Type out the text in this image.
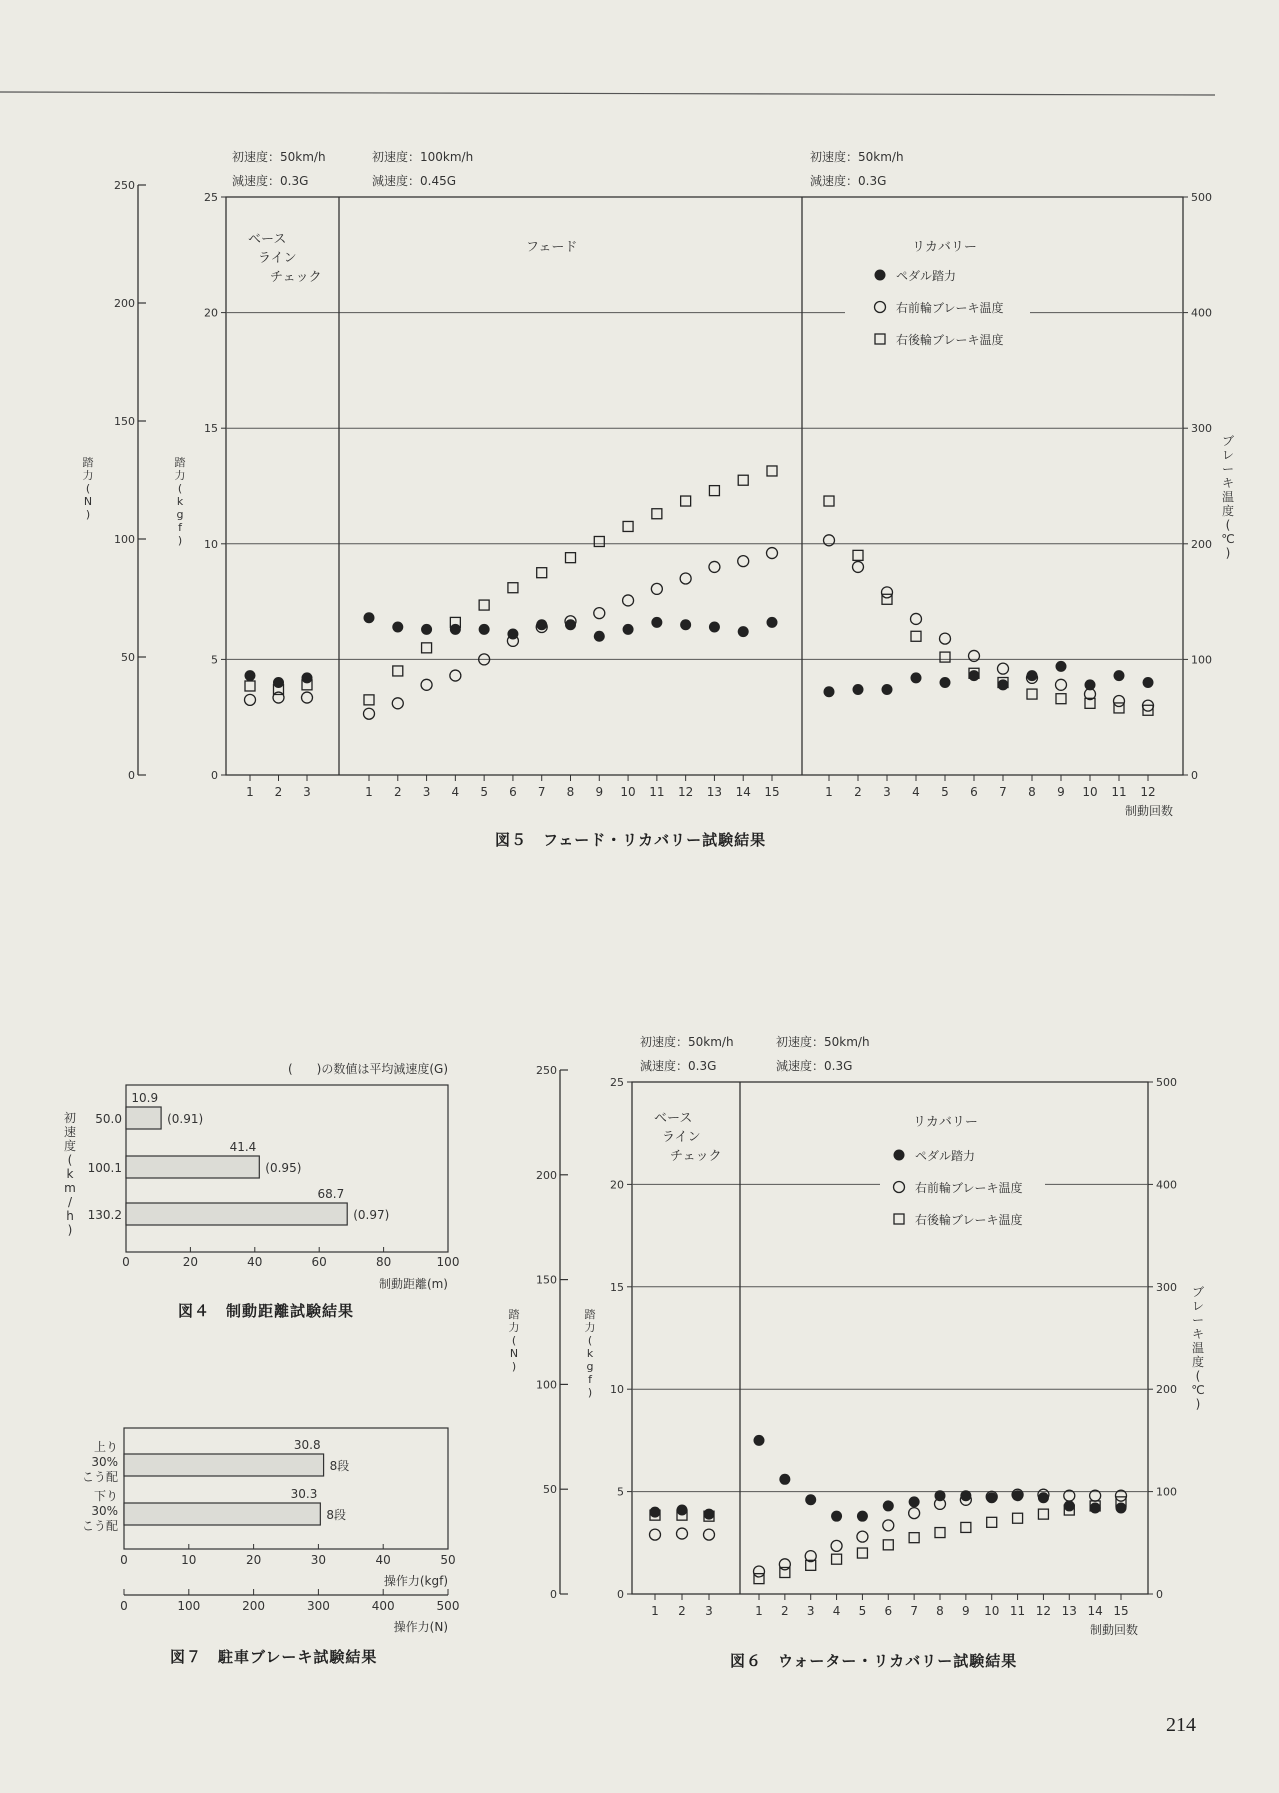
0
5
10
15
20
25
0
50
100
150
200
250
0
100
200
300
400
500
踏
力
(
N
)
踏
力
(
k
g
f
)
ブ
レ
ー
キ
温
度
(
℃
)
制動回数
初速度：50km/h
減速度：0.3G
初速度：100km/h
減速度：0.45G
初速度：50km/h
減速度：0.3G
ベース
ライン
チェック
フェード	リカバリー
ペダル踏力
右前輪ブレーキ温度
右後輪ブレーキ温度
1 2 3	1 2 3 4 5 6 7 8 9 10 11 12 13 14 15	1 2 3 4 5 6 7 8 9 10 11 12
0
5
10
15
20
25
0
50
100
150
200
250
0
100
200
300
400
500
踏
力
(
N
)
踏
力
(
k
g
f
)
ブ
レ
ー
キ
温
度
(
℃
)
制動回数
初速度：50km/h
減速度：0.3G
初速度：50km/h
減速度：0.3G
ベース
ライン
チェック
リカバリー
ペダル踏力
右前輪ブレーキ温度
右後輪ブレーキ温度
1 2 3	1 2 3 4 5 6 7 8 9 10 11 12 13 14 15
(　　)の数値は平均減速度(G)
初
速
度
(
k
m
/
h
)
10.9
(0.91)
50.0
41.4
(0.95)
100.1
68.7
(0.97)
130.2
0	20	40	60	80	100
制動距離(m)
30.8
8段
上り
30%
こう配
30.3
8段
下り
30%
こう配
0	10	20	30	40	50
操作力(kgf)
0	100	200	300	400	500
操作力(N)
図５　フェード・リカバリー試験結果
図４　制動距離試験結果
図７　駐車ブレーキ試験結果	図６　ウォーター・リカバリー試験結果
214
